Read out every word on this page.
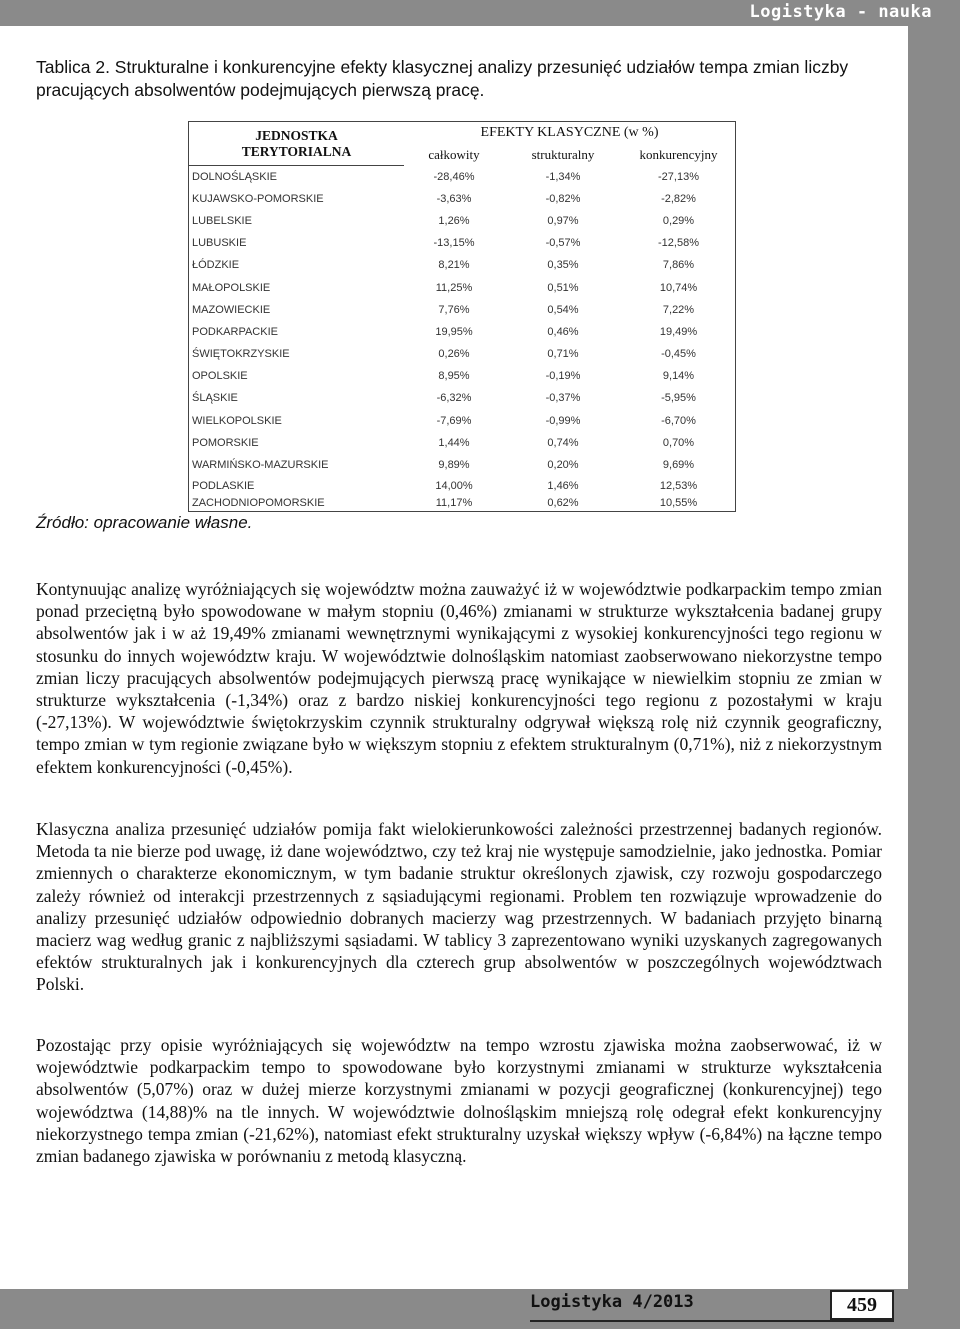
Logistyka - nauka
Tablica 2. Strukturalne i konkurencyjne efekty klasycznej analizy przesunięć udziałów tempa zmian liczby pracujących absolwentów podejmujących pierwszą pracę.
JEDNOSTKA
TERYTORIALNA	EFEKTY KLASYCZNE (w %)		
	całkowity	strukturalny	konkurencyjny
DOLNOŚLĄSKIE	-28,46%	-1,34%	-27,13%
KUJAWSKO-POMORSKIE	-3,63%	-0,82%	-2,82%
LUBELSKIE	1,26%	0,97%	0,29%
LUBUSKIE	-13,15%	-0,57%	-12,58%
ŁÓDZKIE	8,21%	0,35%	7,86%
MAŁOPOLSKIE	11,25%	0,51%	10,74%
MAZOWIECKIE	7,76%	0,54%	7,22%
PODKARPACKIE	19,95%	0,46%	19,49%
ŚWIĘTOKRZYSKIE	0,26%	0,71%	-0,45%
OPOLSKIE	8,95%	-0,19%	9,14%
ŚLĄSKIE	-6,32%	-0,37%	-5,95%
WIELKOPOLSKIE	-7,69%	-0,99%	-6,70%
POMORSKIE	1,44%	0,74%	0,70%
WARMIŃSKO-MAZURSKIE	9,89%	0,20%	9,69%
PODLASKIE	14,00%	1,46%	12,53%
ZACHODNIOPOMORSKIE	11,17%	0,62%	10,55%
Źródło: opracowanie własne.
Kontynuując analizę wyróżniających się województw można zauważyć iż w województwie podkarpackim tempo zmian ponad przeciętną było spowodowane w małym stopniu (0,46%) zmianami w strukturze wykształcenia badanej grupy absolwentów jak i w aż 19,49% zmianami wewnętrznymi wynikającymi z wysokiej konkurencyjności tego regionu w stosunku do innych województw kraju. W województwie dolnośląskim natomiast zaobserwowano niekorzystne tempo zmian liczy pracujących absolwentów podejmujących pierwszą pracę wynikające w niewielkim stopniu ze zmian w strukturze wykształcenia (-1,34%) oraz z bardzo niskiej konkurencyjności tego regionu z pozostałymi w kraju (-27,13%). W województwie świętokrzyskim czynnik strukturalny odgrywał większą rolę niż czynnik geograficzny, tempo zmian w tym regionie związane było w większym stopniu z efektem strukturalnym (0,71%), niż z niekorzystnym efektem konkurencyjności (-0,45%).
Klasyczna analiza przesunięć udziałów pomija fakt wielokierunkowości zależności przestrzennej badanych regionów. Metoda ta nie bierze pod uwagę, iż dane województwo, czy też kraj nie występuje samodzielnie, jako jednostka. Pomiar zmiennych o charakterze ekonomicznym, w tym badanie struktur określonych zjawisk, czy rozwoju gospodarczego zależy również od interakcji przestrzennych z sąsiadującymi regionami. Problem ten rozwiązuje wprowadzenie do analizy przesunięć udziałów odpowiednio dobranych macierzy wag przestrzennych. W badaniach przyjęto binarną macierz wag według granic z najbliższymi sąsiadami. W tablicy 3 zaprezentowano wyniki uzyskanych zagregowanych efektów strukturalnych jak i konkurencyjnych dla czterech grup absolwentów w poszczególnych województwach Polski.
Pozostając przy opisie wyróżniających się województw na tempo wzrostu zjawiska można zaobserwować, iż w województwie podkarpackim tempo to spowodowane było korzystnymi zmianami w strukturze wykształcenia absolwentów (5,07%) oraz w dużej mierze korzystnymi zmianami w pozycji geograficznej (konkurencyjnej) tego województwa (14,88)% na tle innych. W województwie dolnośląskim mniejszą rolę odegrał efekt konkurencyjny niekorzystnego tempa zmian (-21,62%), natomiast efekt strukturalny uzyskał większy wpływ (-6,84%) na łączne tempo zmian badanego zjawiska w porównaniu z metodą klasyczną.
Logistyka 4/2013	459
